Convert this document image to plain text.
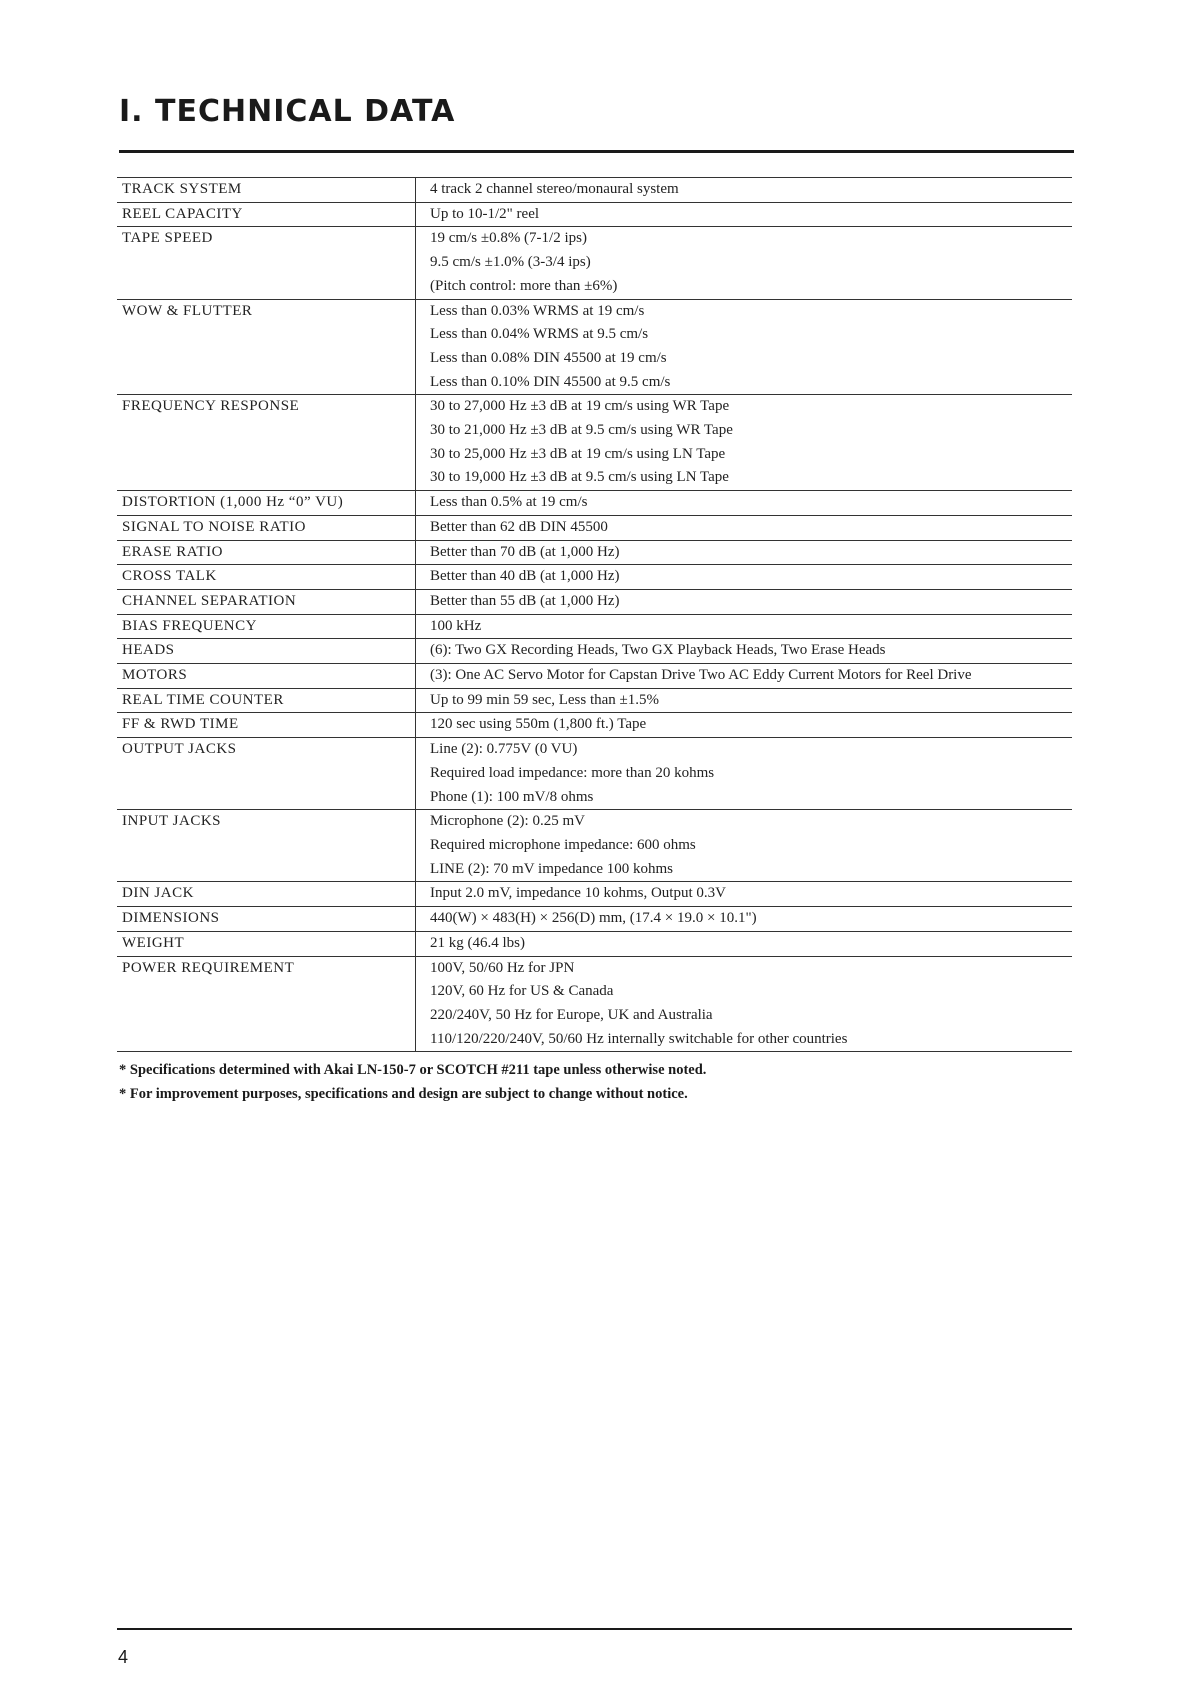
I. TECHNICAL DATA
TRACK SYSTEM	4 track 2 channel stereo/monaural system

REEL CAPACITY	Up to 10-1/2" reel

TAPE SPEED	19 cm/s ±0.8% (7-1/2 ips)
9.5 cm/s ±1.0% (3-3/4 ips)
(Pitch control: more than ±6%)

WOW & FLUTTER	Less than 0.03% WRMS at 19 cm/s
Less than 0.04% WRMS at 9.5 cm/s
Less than 0.08% DIN 45500 at 19 cm/s
Less than 0.10% DIN 45500 at 9.5 cm/s

FREQUENCY RESPONSE	30 to 27,000 Hz ±3 dB at 19 cm/s using WR Tape
30 to 21,000 Hz ±3 dB at 9.5 cm/s using WR Tape
30 to 25,000 Hz ±3 dB at 19 cm/s using LN Tape
30 to 19,000 Hz ±3 dB at 9.5 cm/s using LN Tape

DISTORTION (1,000 Hz “0” VU)	Less than 0.5% at 19 cm/s

SIGNAL TO NOISE RATIO	Better than 62 dB DIN 45500

ERASE RATIO	Better than 70 dB (at 1,000 Hz)

CROSS TALK	Better than 40 dB (at 1,000 Hz)

CHANNEL SEPARATION	Better than 55 dB (at 1,000 Hz)

BIAS FREQUENCY	100 kHz

HEADS	(6): Two GX Recording Heads, Two GX Playback Heads, Two Erase Heads

MOTORS	(3): One AC Servo Motor for Capstan Drive Two AC Eddy Current Motors for Reel Drive

REAL TIME COUNTER	Up to 99 min 59 sec, Less than ±1.5%

FF & RWD TIME	120 sec using 550m (1,800 ft.) Tape

OUTPUT JACKS	Line (2): 0.775V (0 VU)
Required load impedance: more than 20 kohms
Phone (1): 100 mV/8 ohms

INPUT JACKS	Microphone (2): 0.25 mV
Required microphone impedance: 600 ohms
LINE (2): 70 mV impedance 100 kohms

DIN JACK	Input 2.0 mV, impedance 10 kohms, Output 0.3V

DIMENSIONS	440(W) × 483(H) × 256(D) mm, (17.4 × 19.0 × 10.1")

WEIGHT	21 kg (46.4 lbs)

POWER REQUIREMENT	100V, 50/60 Hz for JPN
120V, 60 Hz for US & Canada
220/240V, 50 Hz for Europe, UK and Australia
110/120/220/240V, 50/60 Hz internally switchable for other countries
* Specifications determined with Akai LN-150-7 or SCOTCH #211 tape unless otherwise noted.
* For improvement purposes, specifications and design are subject to change without notice.
4
